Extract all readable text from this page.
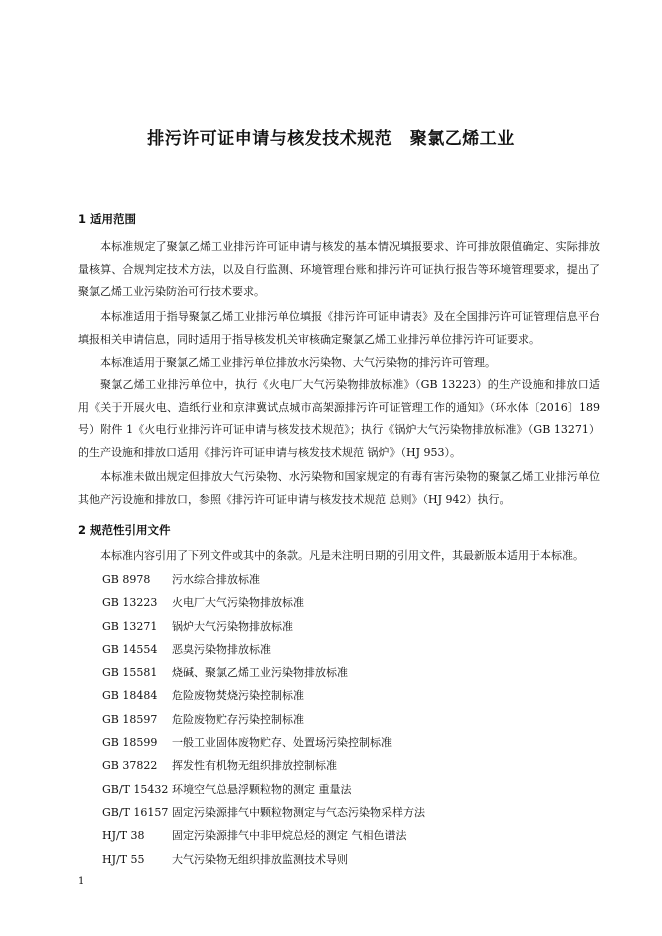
排污许可证申请与核发技术规范　聚氯乙烯工业
1 适用范围

本标准规定了聚氯乙烯工业排污许可证申请与核发的基本情况填报要求、许可排放限值确定、实际排放量核算、合规判定技术方法，以及自行监测、环境管理台账和排污许可证执行报告等环境管理要求，提出了聚氯乙烯工业污染防治可行技术要求。

本标准适用于指导聚氯乙烯工业排污单位填报《排污许可证申请表》及在全国排污许可证管理信息平台填报相关申请信息，同时适用于指导核发机关审核确定聚氯乙烯工业排污单位排污许可证要求。

本标准适用于聚氯乙烯工业排污单位排放水污染物、大气污染物的排污许可管理。

聚氯乙烯工业排污单位中，执行《火电厂大气污染物排放标准》（GB 13223）的生产设施和排放口适用《关于开展火电、造纸行业和京津冀试点城市高架源排污许可证管理工作的通知》（环水体〔2016〕189 号）附件 1《火电行业排污许可证申请与核发技术规范》；执行《锅炉大气污染物排放标准》（GB 13271）的生产设施和排放口适用《排污许可证申请与核发技术规范 锅炉》（HJ 953）。

本标准未做出规定但排放大气污染物、水污染物和国家规定的有毒有害污染物的聚氯乙烯工业排污单位其他产污设施和排放口，参照《排污许可证申请与核发技术规范 总则》（HJ 942）执行。

2 规范性引用文件

本标准内容引用了下列文件或其中的条款。凡是未注明日期的引用文件，其最新版本适用于本标准。

GB 8978 污水综合排放标准
GB 13223 火电厂大气污染物排放标准
GB 13271 锅炉大气污染物排放标准
GB 14554 恶臭污染物排放标准
GB 15581 烧碱、聚氯乙烯工业污染物排放标准
GB 18484 危险废物焚烧污染控制标准
GB 18597 危险废物贮存污染控制标准
GB 18599 一般工业固体废物贮存、处置场污染控制标准
GB 37822 挥发性有机物无组织排放控制标准
GB/T 15432 环境空气总悬浮颗粒物的测定 重量法
GB/T 16157 固定污染源排气中颗粒物测定与气态污染物采样方法
HJ/T 38 固定污染源排气中非甲烷总烃的测定 气相色谱法
HJ/T 55 大气污染物无组织排放监测技术导则
1
